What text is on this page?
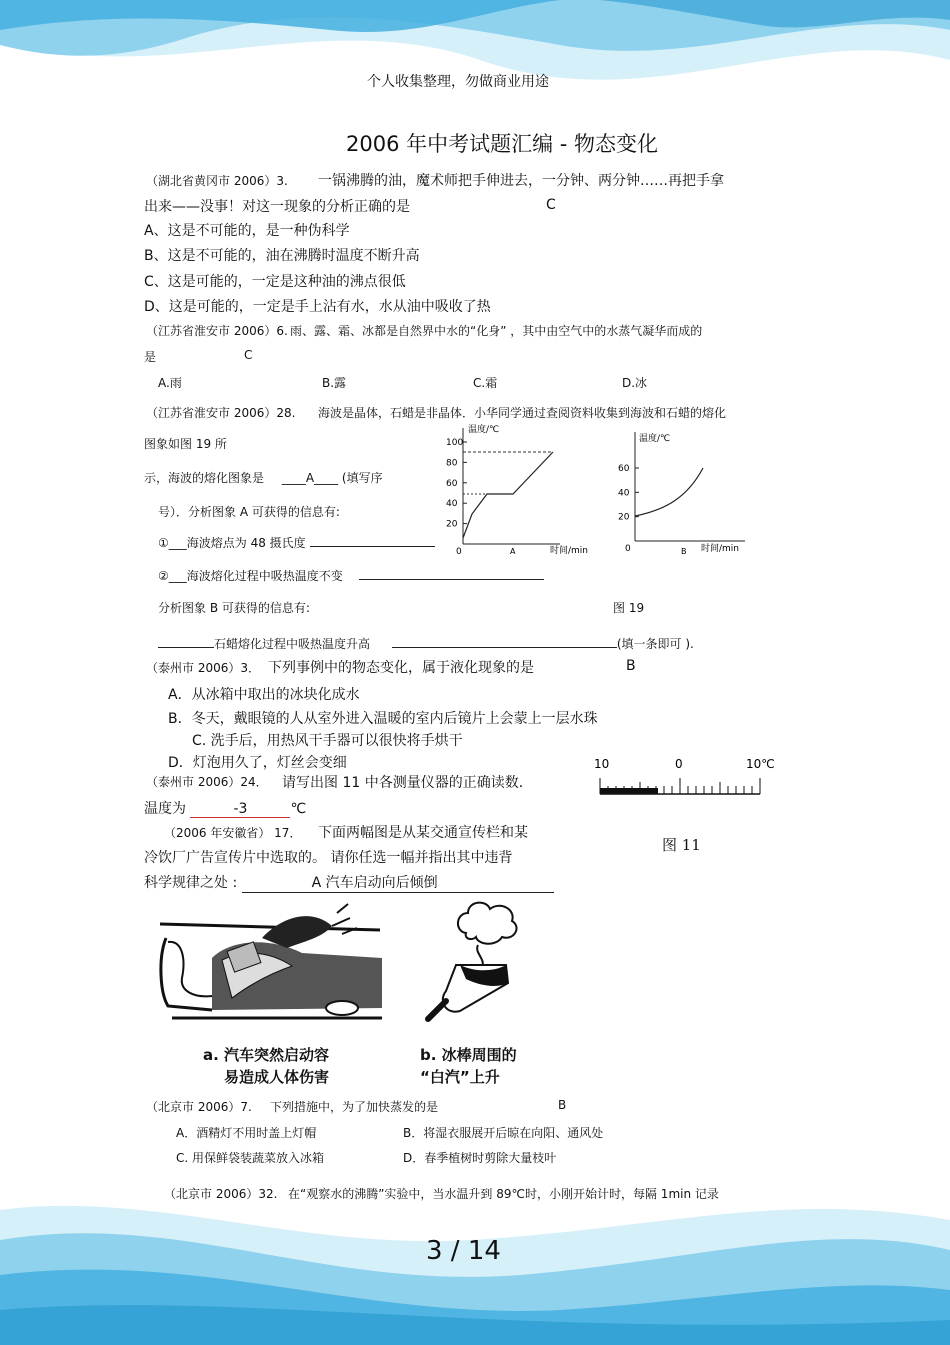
个人收集整理，勿做商业用途
2006 年中考试题汇编 - 物态变化
（湖北省黄冈市 2006）3. 一锅沸腾的油，魔术师把手伸进去，一分钟、两分钟……再把手拿
出来——没事！对这一现象的分析正确的是	C
A、这是不可能的，是一种伪科学
B、这是不可能的，油在沸腾时温度不断升高
C、这是可能的，一定是这种油的沸点很低
D、这是可能的，一定是手上沾有水，水从油中吸收了热
（江苏省淮安市 2006）6. 雨、露、霜、冰都是自然界中水的“化身” ，其中由空气中的水蒸气凝华而成的
是	C
A.雨	B.露	C.霜	D.冰
（江苏省淮安市 2006）28. 海波是晶体，石蜡是非晶体．小华同学通过查阅资料收集到海波和石蜡的熔化
图象如图 19 所
示，海波的熔化图象是 ____A____ (填写序
号）．分析图象 A 可获得的信息有:
①___海波熔点为 48 摄氏度
②___海波熔化过程中吸热温度不变
分析图象 B 可获得的信息有:	图 19
石蜡熔化过程中吸热温度升高	(填一条即可 ).
温度/℃
100
80
60
40
20
0	A	时间/min
温度/℃
60
40
20
0	B 时间/min
（泰州市 2006）3． 下列事例中的物态变化，属于液化现象的是	B
A．从冰箱中取出的冰块化成水
B．冬天，戴眼镜的人从室外进入温暖的室内后镜片上会蒙上一层水珠
C. 洗手后，用热风干手器可以很快将手烘干
D．灯泡用久了，灯丝会变细
（泰州市 2006）24． 请写出图 11 中各测量仪器的正确读数．
温度为	-3	℃
10	0	10℃
图 11
（2006 年安徽省） 17． 下面两幅图是从某交通宣传栏和某
冷饮厂广告宣传片中选取的。 请你任选一幅并指出其中违背
科学规律之处 :	A 汽车启动向后倾倒
a. 汽车突然启动容
易造成人体伤害
b. 冰棒周围的
“白汽”上升
（北京市 2006）7. 下列措施中，为了加快蒸发的是	B
A．酒精灯不用时盖上灯帽	B．将湿衣服展开后晾在向阳、通风处
C. 用保鲜袋装蔬菜放入冰箱	D．春季植树时剪除大量枝叶
（北京市 2006）32. 在“观察水的沸腾”实验中，当水温升到 89℃时，小刚开始计时，每隔 1min 记录
3 / 14
